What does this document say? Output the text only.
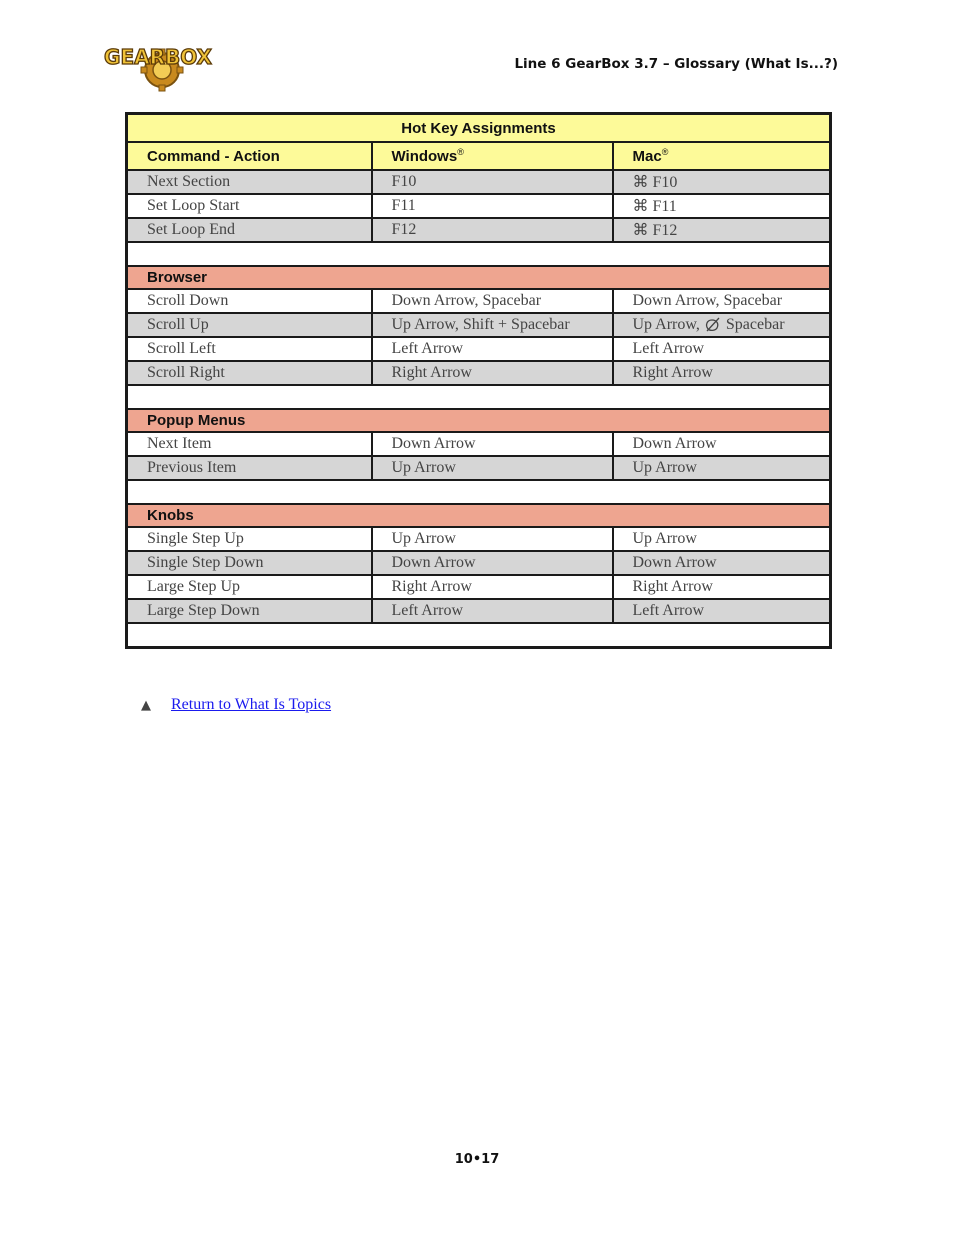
GEARBOX	Line 6 GearBox 3.7 – Glossary (What Is...?)
Hot Key Assignments		
Command - Action	Windows®	Mac®
Next Section	F10	⌘ F10
Set Loop Start	F11	⌘ F11
Set Loop End	F12	⌘ F12

Browser		
Scroll Down	Down Arrow, Spacebar	Down Arrow, Spacebar
Scroll Up	Up Arrow, Shift + Spacebar	Up Arrow,  Spacebar
Scroll Left	Left Arrow	Left Arrow
Scroll Right	Right Arrow	Right Arrow

Popup Menus		
Next Item	Down Arrow	Down Arrow
Previous Item	Up Arrow	Up Arrow

Knobs		
Single Step Up	Up Arrow	Up Arrow
Single Step Down	Down Arrow	Down Arrow
Large Step Up	Right Arrow	Right Arrow
Large Step Down	Left Arrow	Left Arrow

▲ Return to What Is Topics
10•17
